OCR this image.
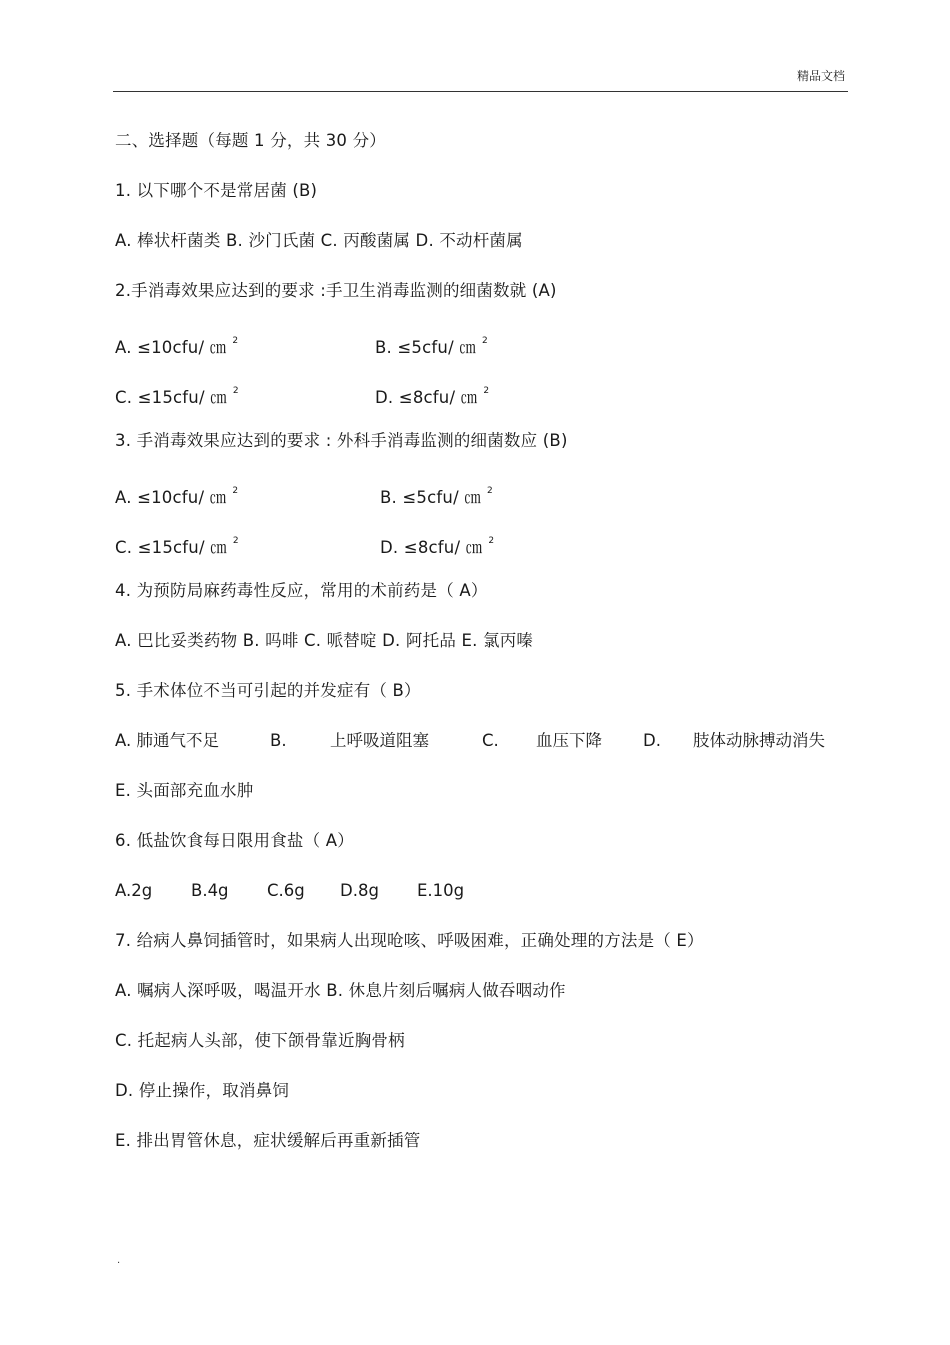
精品文档
二、选择题（每题 1 分，共 30 分）
1. 以下哪个不是常居菌 (B)
A. 棒状杆菌类 B. 沙门氏菌 C. 丙酸菌属 D. 不动杆菌属
2.手消毒效果应达到的要求 :手卫生消毒监测的细菌数就 (A)
A. ≤10cfu/ ㎝ $^2$	B. ≤5cfu/ ㎝ $^2$
C. ≤15cfu/ ㎝ $^2$	D. ≤8cfu/ ㎝ $^2$
3. 手消毒效果应达到的要求 : 外科手消毒监测的细菌数应 (B)
A. ≤10cfu/ ㎝ $^2$	B. ≤5cfu/ ㎝ $^2$
C. ≤15cfu/ ㎝ $^2$	D. ≤8cfu/ ㎝ $^2$
4. 为预防局麻药毒性反应，常用的术前药是（ A）
A. 巴比妥类药物 B. 吗啡 C. 哌替啶 D. 阿托品 E. 氯丙嗪
5. 手术体位不当可引起的并发症有（ B）
A. 肺通气不足	B.	上呼吸道阻塞	C. 血压下降 D. 肢体动脉搏动消失
E. 头面部充血水肿
6. 低盐饮食每日限用食盐（ A）
A.2g B.4g C.6g D.8g E.10g
7. 给病人鼻饲插管时，如果病人出现呛咳、呼吸困难，正确处理的方法是（ E）
A. 嘱病人深呼吸，喝温开水 B. 休息片刻后嘱病人做吞咽动作
C. 托起病人头部，使下颌骨靠近胸骨柄
D. 停止操作，取消鼻饲
E. 排出胃管休息，症状缓解后再重新插管
.
